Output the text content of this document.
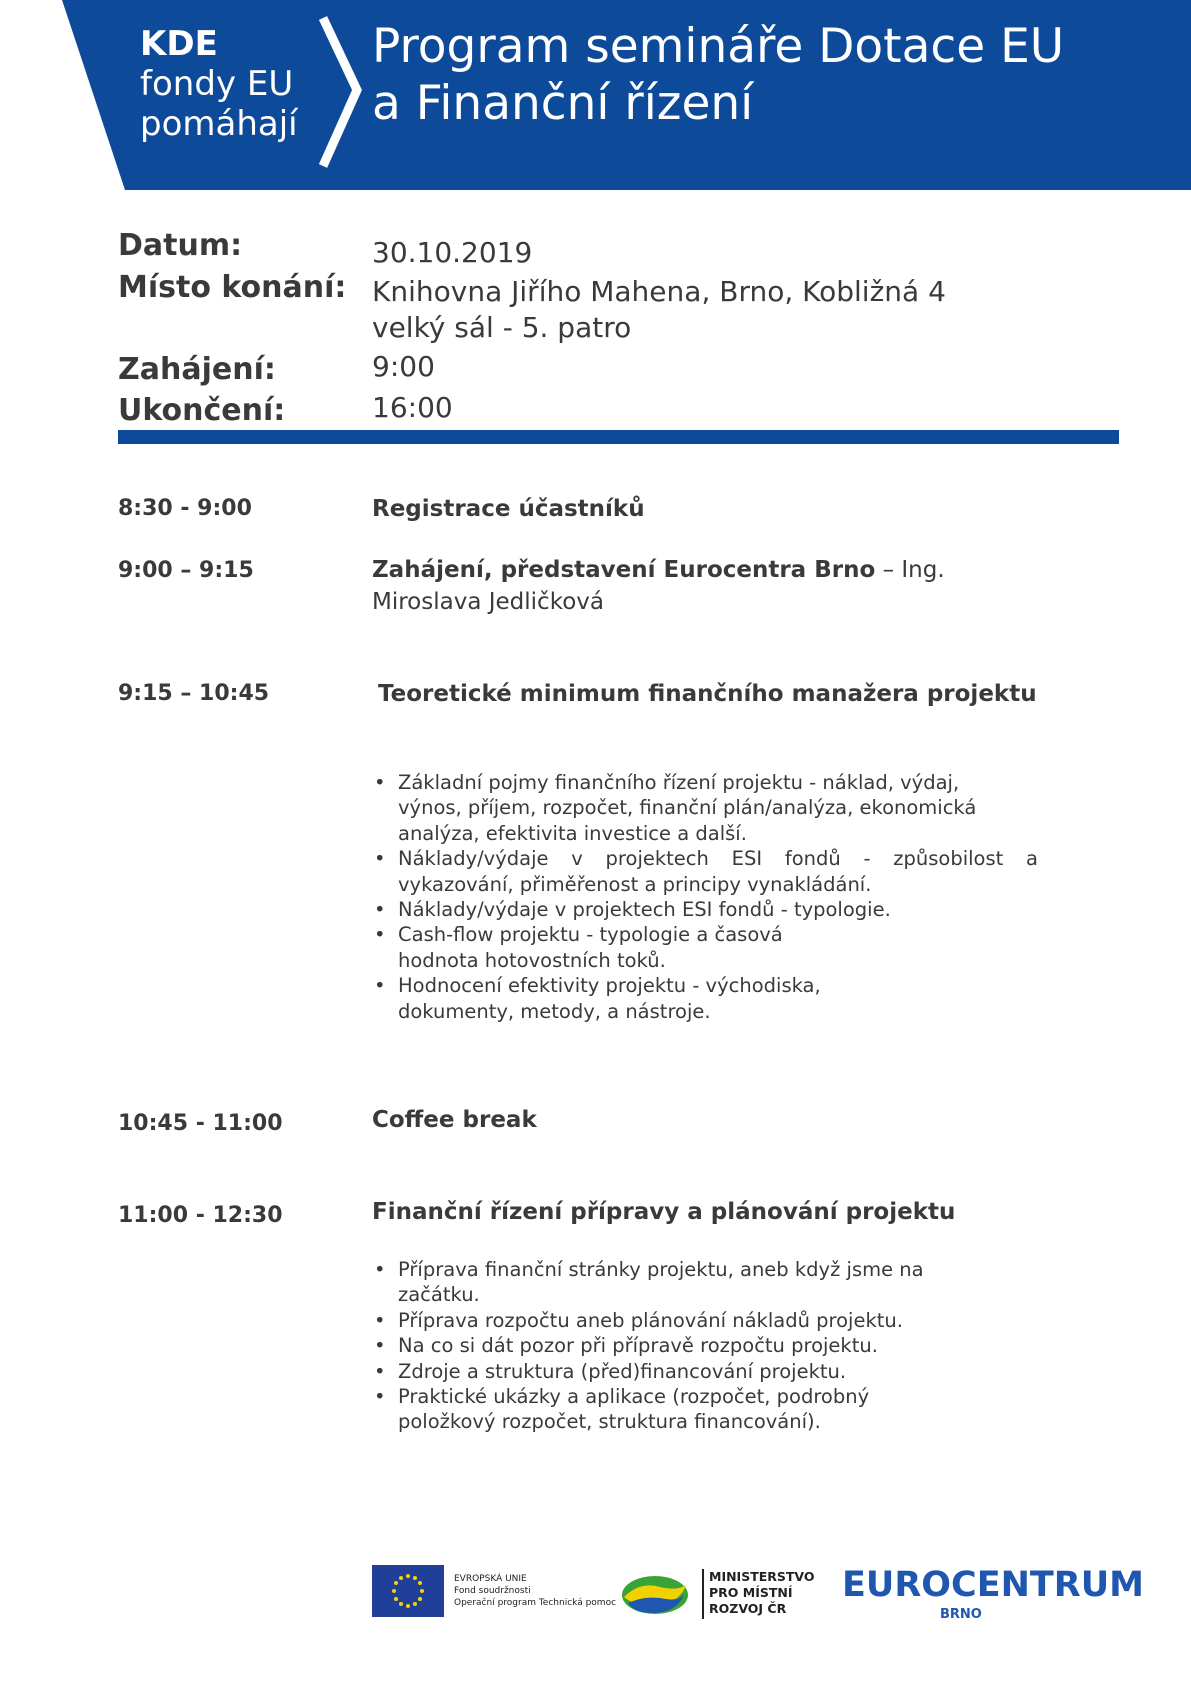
KDE
fondy EU
pomáhají
Program semináře Dotace EU
a Finanční řízení
Datum:	30.10.2019
Místo konání: Knihovna Jiřího Mahena, Brno, Kobližná 4
velký sál - 5. patro
Zahájení:	9:00
Ukončení:	16:00
8:30 - 9:00	Registrace účastníků
9:00 – 9:15	Zahájení, představení Eurocentra Brno – Ing. Miroslava Jedličková
9:15 – 10:45	Teoretické minimum finančního manažera projektu
• Základní pojmy finančního řízení projektu - náklad, výdaj, výnos, příjem, rozpočet, finanční plán/analýza, ekonomická analýza, efektivita investice a další.
• Náklady/výdaje v projektech ESI fondů - způsobilost a vykazování, přiměřenost a principy vynakládání.
• Náklady/výdaje v projektech ESI fondů - typologie.
• Cash-flow projektu - typologie a časová hodnota hotovostních toků.
• Hodnocení efektivity projektu - východiska, dokumenty, metody, a nástroje.
10:45 - 11:00	Coffee break
11:00 - 12:30	Finanční řízení přípravy a plánování projektu
• Příprava finanční stránky projektu, aneb když jsme na začátku.
• Příprava rozpočtu aneb plánování nákladů projektu.
• Na co si dát pozor při přípravě rozpočtu projektu.
• Zdroje a struktura (před)financování projektu.
• Praktické ukázky a aplikace (rozpočet, podrobný položkový rozpočet, struktura financování).
EVROPSKÁ UNIE
Fond soudržnosti
Operační program Technická pomoc
MINISTERSTVO
PRO MÍSTNÍ
ROZVOJ ČR
EUROCENTRUM
BRNO
